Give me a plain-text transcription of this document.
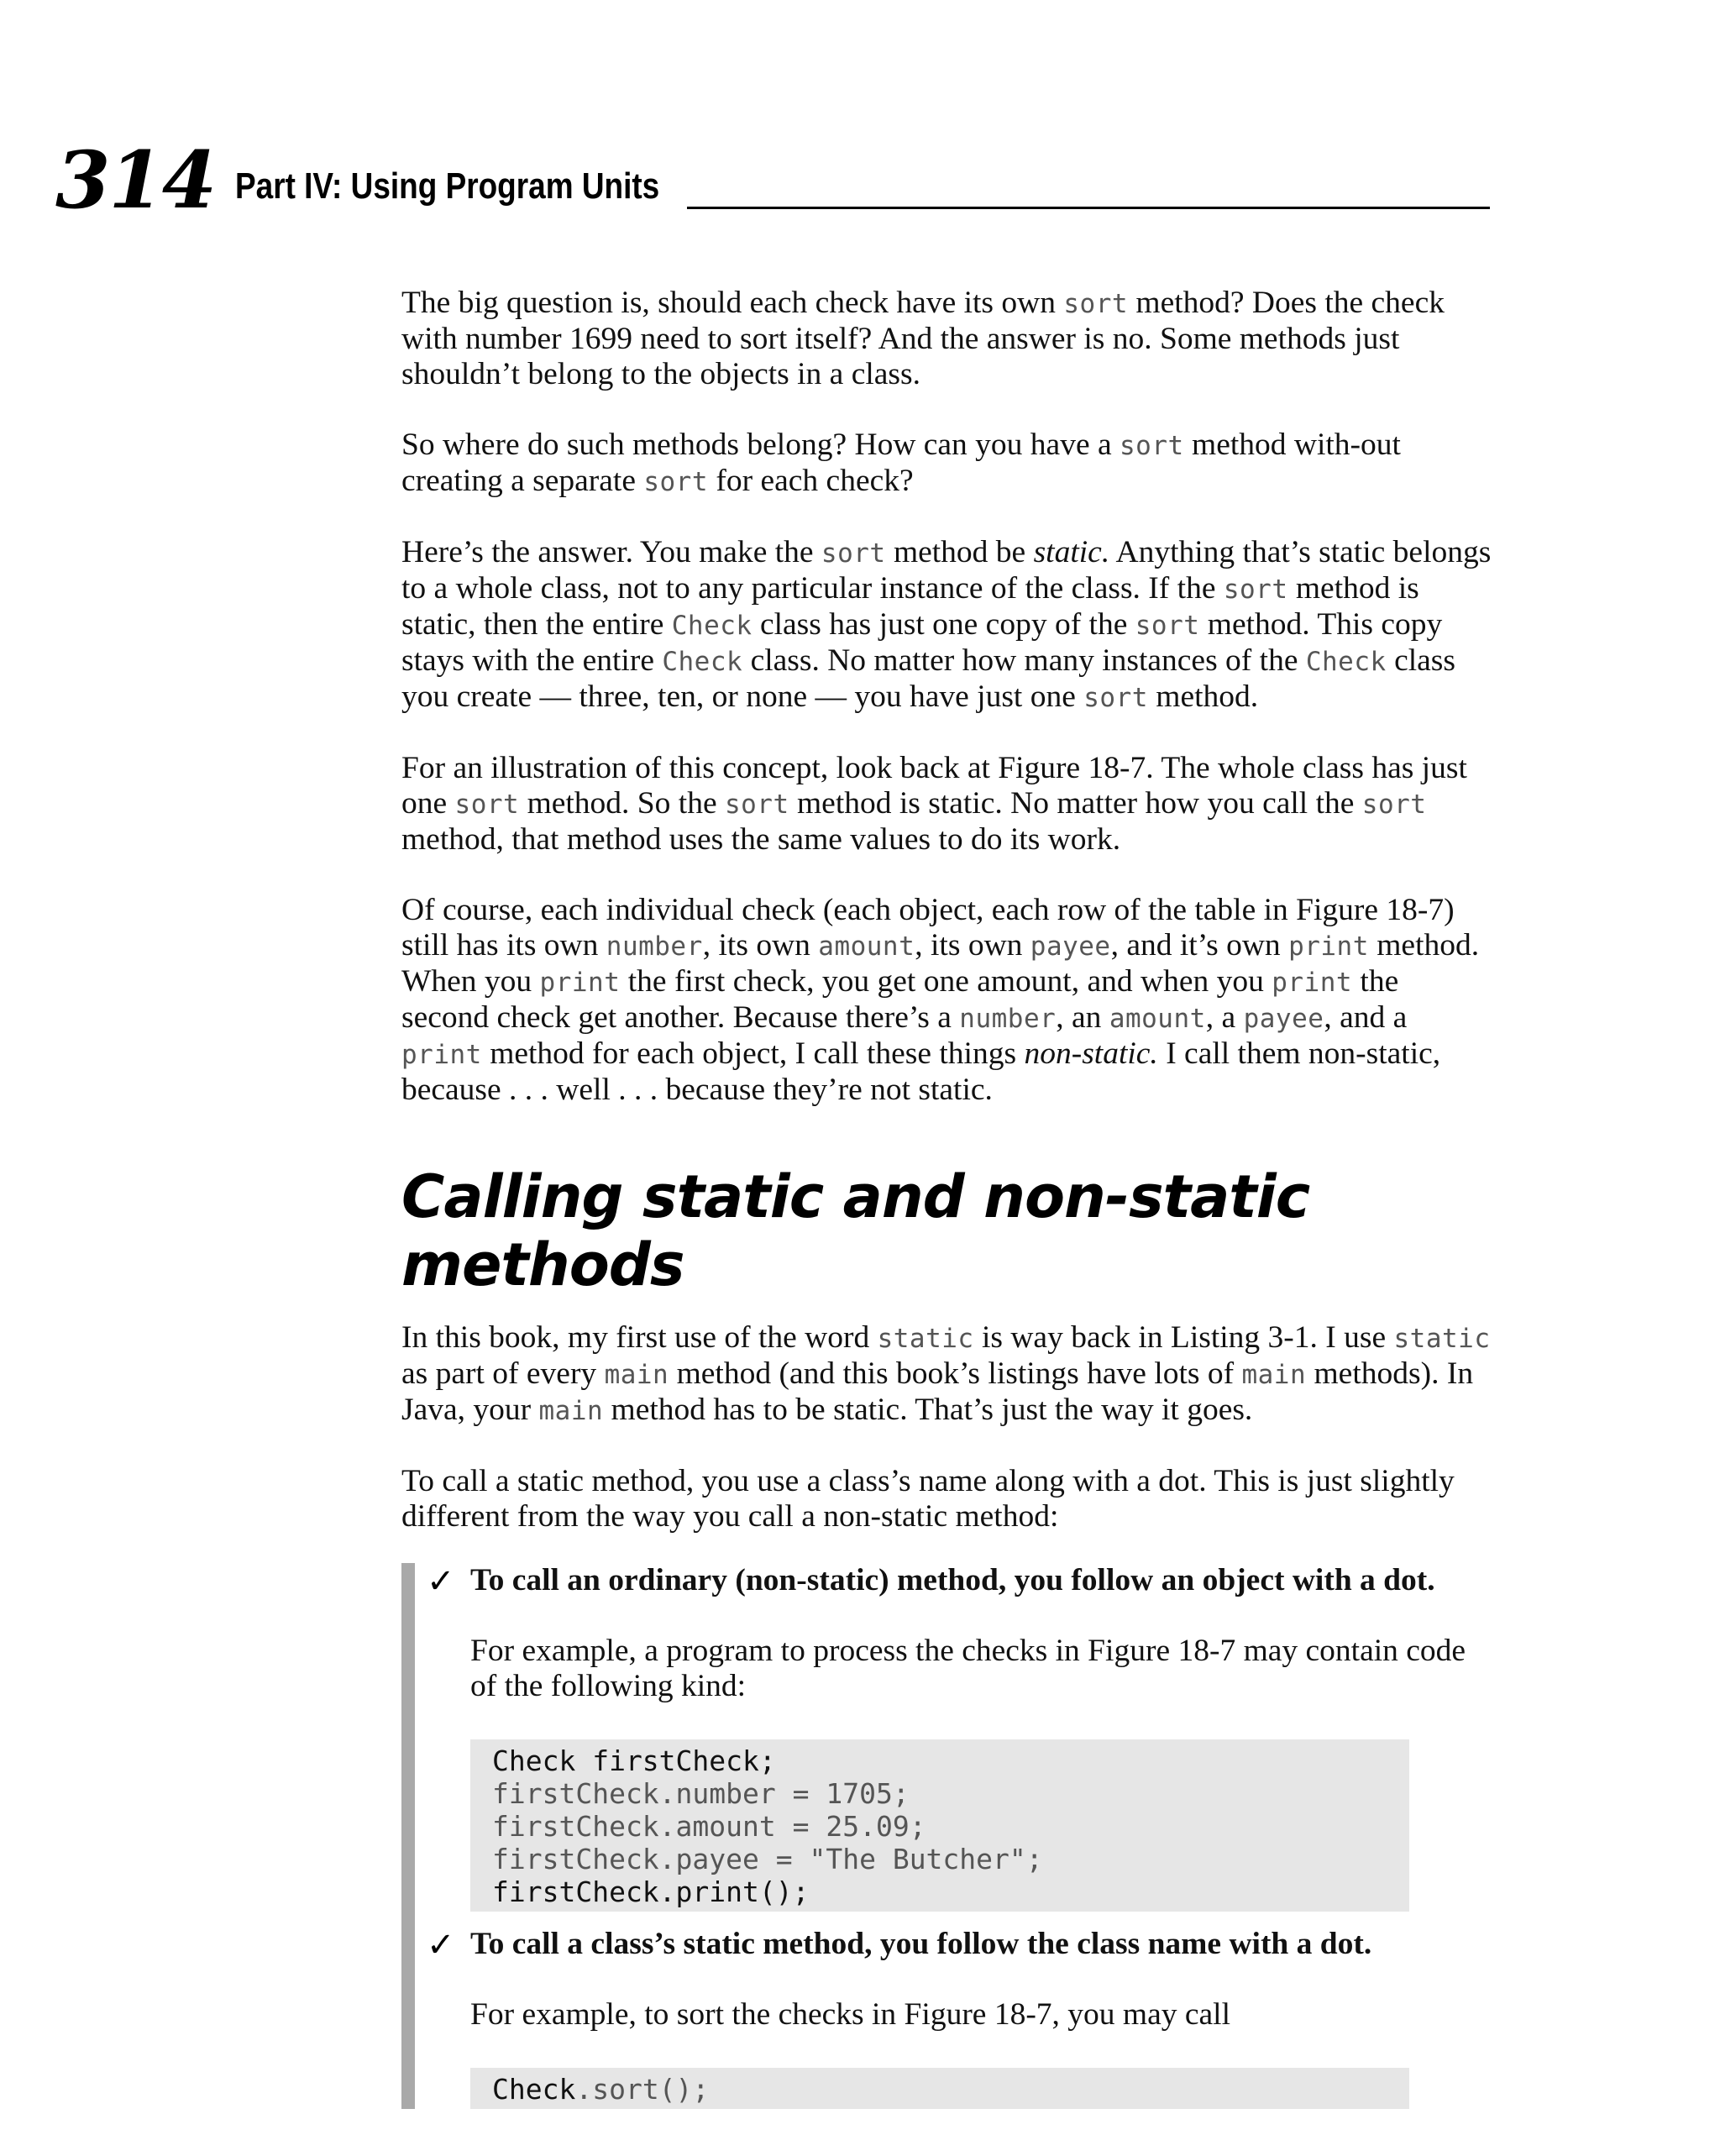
314 Part IV: Using Program Units

The big question is, should each check have its own sort method? Does the check with number 1699 need to sort itself? And the answer is no. Some methods just shouldn’t belong to the objects in a class.

So where do such methods belong? How can you have a sort method with-out creating a separate sort for each check?

Here’s the answer. You make the sort method be static. Anything that’s static belongs to a whole class, not to any particular instance of the class. If the sort method is static, then the entire Check class has just one copy of the sort method. This copy stays with the entire Check class. No matter how many instances of the Check class you create — three, ten, or none — you have just one sort method.

For an illustration of this concept, look back at Figure 18-7. The whole class has just one sort method. So the sort method is static. No matter how you call the sort method, that method uses the same values to do its work.

Of course, each individual check (each object, each row of the table in Figure 18-7) still has its own number, its own amount, its own payee, and it’s own print method. When you print the first check, you get one amount, and when you print the second check get another. Because there’s a number, an amount, a payee, and a print method for each object, I call these things non-static. I call them non-static, because . . . well . . . because they’re not static.

Calling static and non-static methods

In this book, my first use of the word static is way back in Listing 3-1. I use static as part of every main method (and this book’s listings have lots of main methods). In Java, your main method has to be static. That’s just the way it goes.

To call a static method, you use a class’s name along with a dot. This is just slightly different from the way you call a non-static method:

✓ To call an ordinary (non-static) method, you follow an object with a dot.

For example, a program to process the checks in Figure 18-7 may contain code of the following kind:

Check firstCheck;
firstCheck.number = 1705;
firstCheck.amount = 25.09;
firstCheck.payee = "The Butcher";
firstCheck.print();
✓ To call a class’s static method, you follow the class name with a dot.

For example, to sort the checks in Figure 18-7, you may call

Check.sort();
